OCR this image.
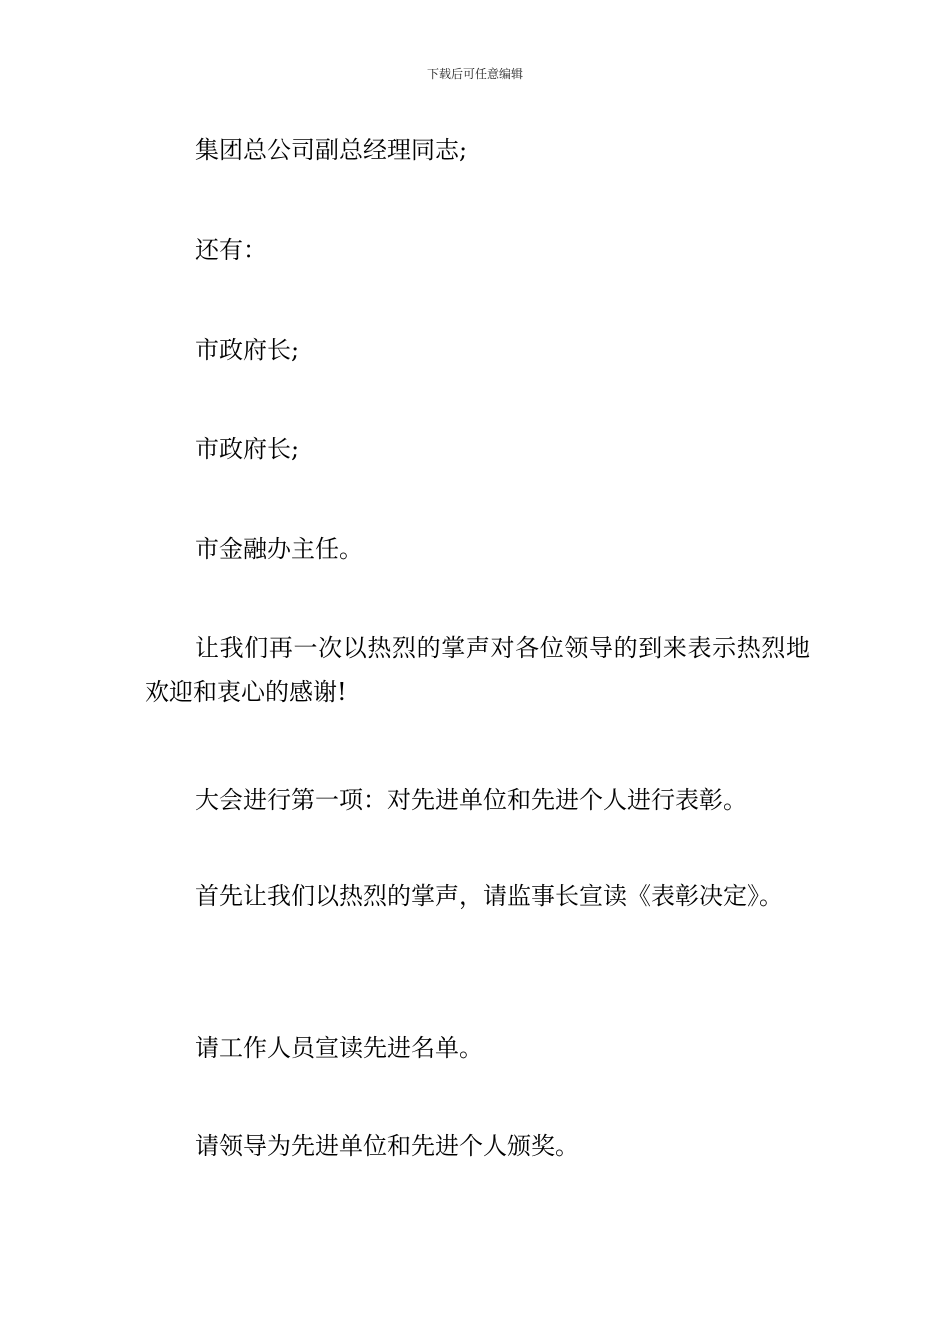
下载后可任意编辑

集团总公司副总经理同志;

还有：

市政府长;

市政府长;

市金融办主任。

让我们再一次以热烈的掌声对各位领导的到来表示热烈地欢迎和衷心的感谢!

大会进行第一项：对先进单位和先进个人进行表彰。

首先让我们以热烈的掌声，请监事长宣读《表彰决定》。

请工作人员宣读先进名单。

请领导为先进单位和先进个人颁奖。
